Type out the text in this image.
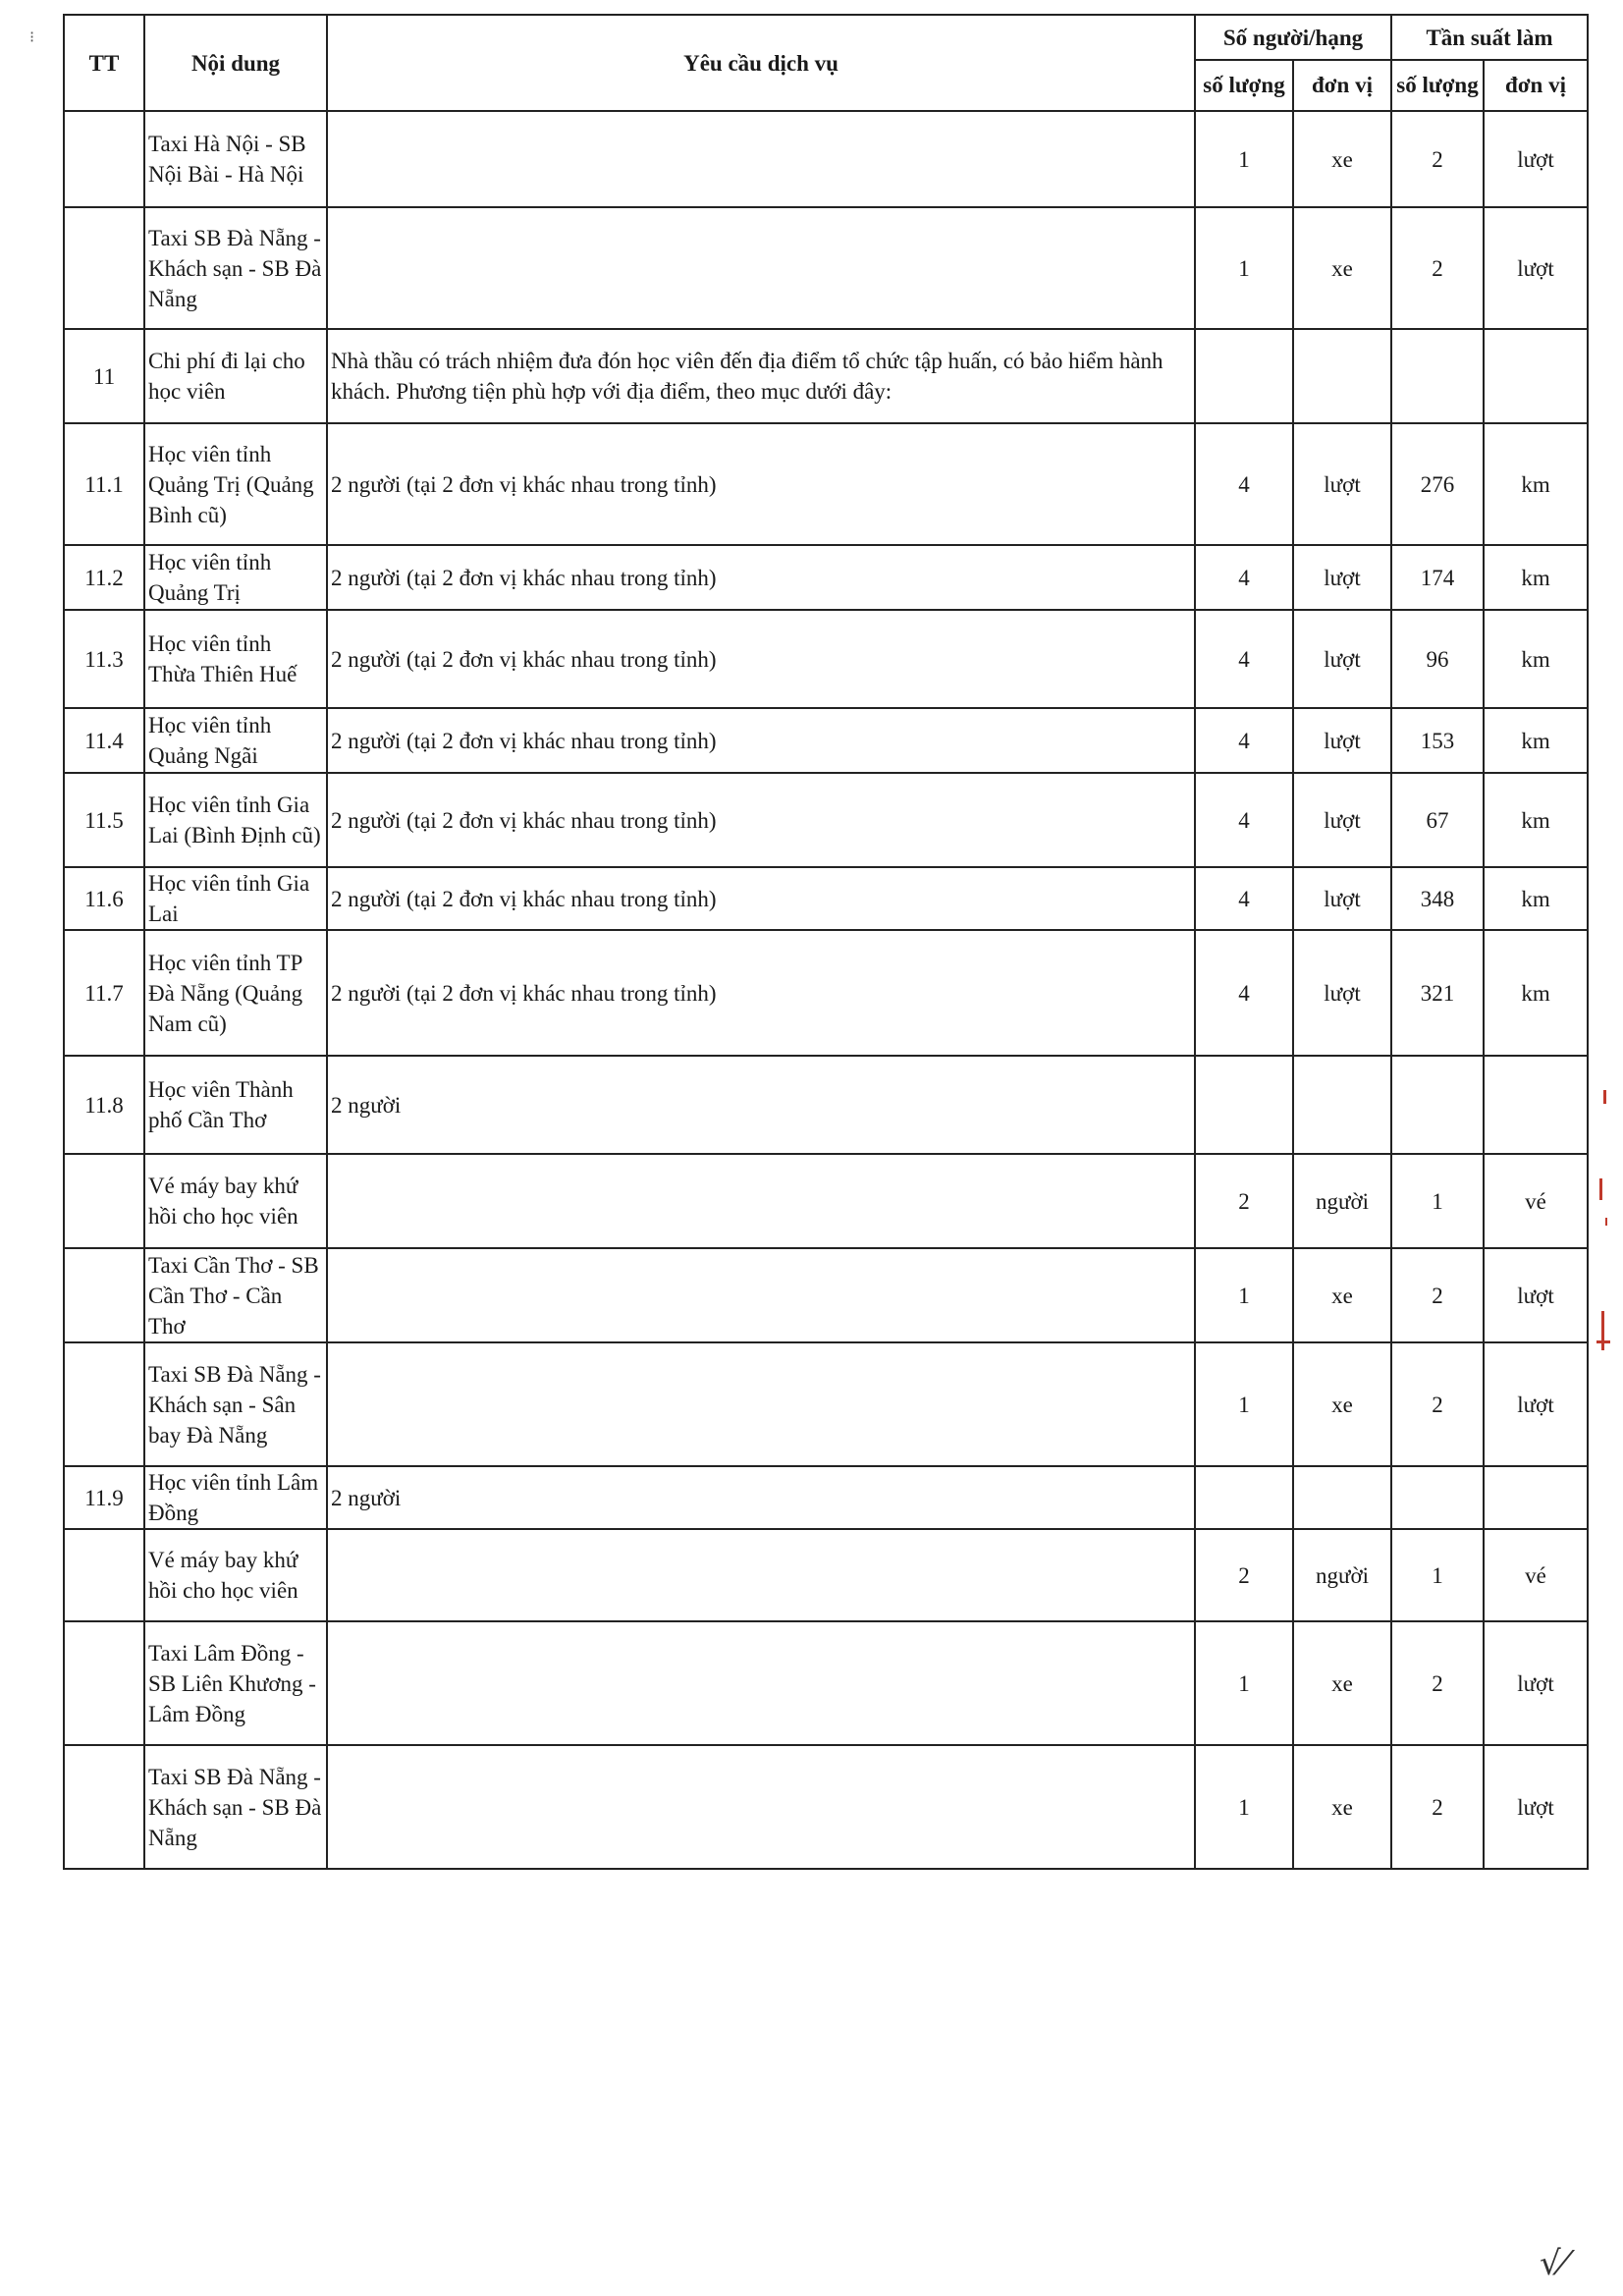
⁝
TT	Nội dung	Yêu cầu dịch vụ	Số người/hạng		Tần suất làm	
			số lượng	đơn vị	số lượng	đơn vị
	Taxi Hà Nội - SB Nội Bài - Hà Nội		1	xe	2	lượt
	Taxi SB Đà Nẵng - Khách sạn - SB Đà Nẵng		1	xe	2	lượt
11	Chi phí đi lại cho học viên	Nhà thầu có trách nhiệm đưa đón học viên đến địa điểm tổ chức tập huấn, có bảo hiểm hành khách. Phương tiện phù hợp với địa điểm, theo mục dưới đây:				
11.1	Học viên tỉnh Quảng Trị (Quảng Bình cũ)	2 người (tại 2 đơn vị khác nhau trong tỉnh)	4	lượt	276	km
11.2	Học viên tỉnh Quảng Trị	2 người (tại 2 đơn vị khác nhau trong tỉnh)	4	lượt	174	km
11.3	Học viên tỉnh Thừa Thiên Huế	2 người (tại 2 đơn vị khác nhau trong tỉnh)	4	lượt	96	km
11.4	Học viên tỉnh Quảng Ngãi	2 người (tại 2 đơn vị khác nhau trong tỉnh)	4	lượt	153	km
11.5	Học viên tỉnh Gia Lai (Bình Định cũ)	2 người (tại 2 đơn vị khác nhau trong tỉnh)	4	lượt	67	km
11.6	Học viên tỉnh Gia Lai	2 người (tại 2 đơn vị khác nhau trong tỉnh)	4	lượt	348	km
11.7	Học viên tỉnh TP Đà Nẵng (Quảng Nam cũ)	2 người (tại 2 đơn vị khác nhau trong tỉnh)	4	lượt	321	km
11.8	Học viên Thành phố Cần Thơ	2 người				
	Vé máy bay khứ hồi cho học viên		2	người	1	vé
	Taxi Cần Thơ - SB Cần Thơ - Cần Thơ		1	xe	2	lượt
	Taxi SB Đà Nẵng - Khách sạn - Sân bay Đà Nẵng		1	xe	2	lượt
11.9	Học viên tỉnh Lâm Đồng	2 người				
	Vé máy bay khứ hồi cho học viên		2	người	1	vé
	Taxi Lâm Đồng - SB Liên Khương - Lâm Đồng		1	xe	2	lượt
	Taxi SB Đà Nẵng - Khách sạn - SB Đà Nẵng		1	xe	2	lượt
√⁄
